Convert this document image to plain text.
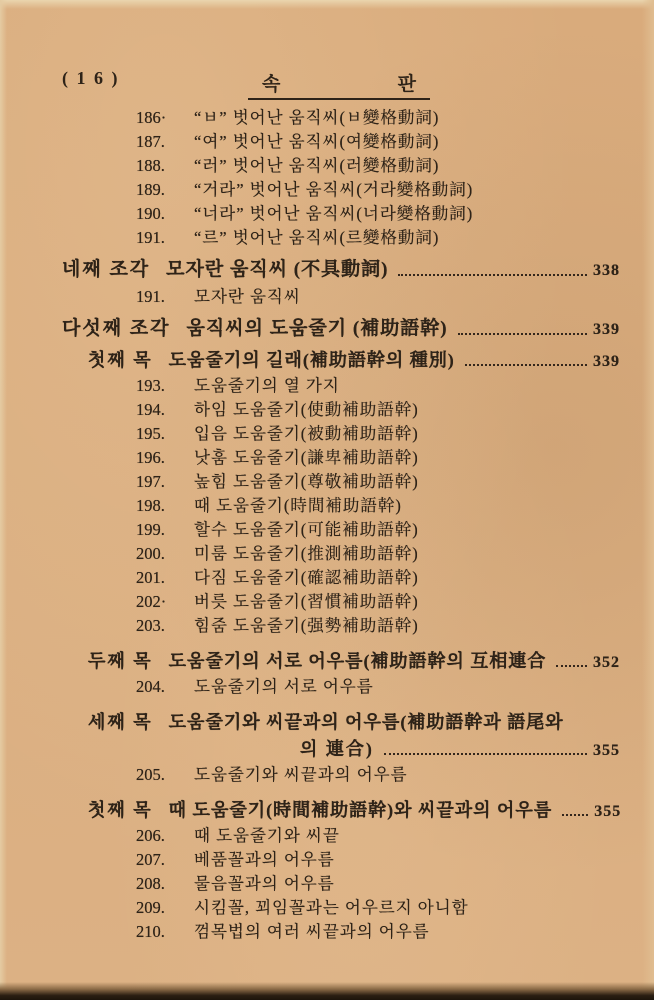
( 1 6 )	속	판
186·	“ㅂ” 벗어난 움직씨(ㅂ變格動詞)
187.	“여” 벗어난 움직씨(여變格動詞)
188.	“러” 벗어난 움직씨(러變格動詞)
189.	“거라” 벗어난 움직씨(거라變格動詞)
190.	“너라” 벗어난 움직씨(너라變格動詞)
191.	“르” 벗어난 움직씨(르變格動詞)
네째 조각 모자란 움직씨 (不具動詞)	338
191.	모자란 움직씨
다섯째 조각 움직씨의 도움줄기 (補助語幹)	339
첫째 목 도움줄기의 길래(補助語幹의 種別)	339
193.	도움줄기의 열 가지
194.	하임 도움줄기(使動補助語幹)
195.	입음 도움줄기(被動補助語幹)
196.	낫훔 도움줄기(謙卑補助語幹)
197.	높힘 도움줄기(尊敬補助語幹)
198.	때 도움줄기(時間補助語幹)
199.	할수 도움줄기(可能補助語幹)
200.	미룸 도움줄기(推測補助語幹)
201.	다짐 도움줄기(確認補助語幹)
202·	버릇 도움줄기(習慣補助語幹)
203.	힘줌 도움줄기(强勢補助語幹)
두째 목 도움줄기의 서로 어우름(補助語幹의 互相連合	352
204.	도움줄기의 서로 어우름
세째 목 도움줄기와 씨끝과의 어우름(補助語幹과 語尾와
의 連合)	355
205.	도움줄기와 씨끝과의 어우름
첫째 목 때 도움줄기(時間補助語幹)와 씨끝과의 어우름	355
206.	때 도움줄기와 씨끝
207.	베품꼴과의 어우름
208.	물음꼴과의 어우름
209.	시킴꼴, 꾀임꼴과는 어우르지 아니함
210.	껌목법의 여러 씨끝과의 어우름
